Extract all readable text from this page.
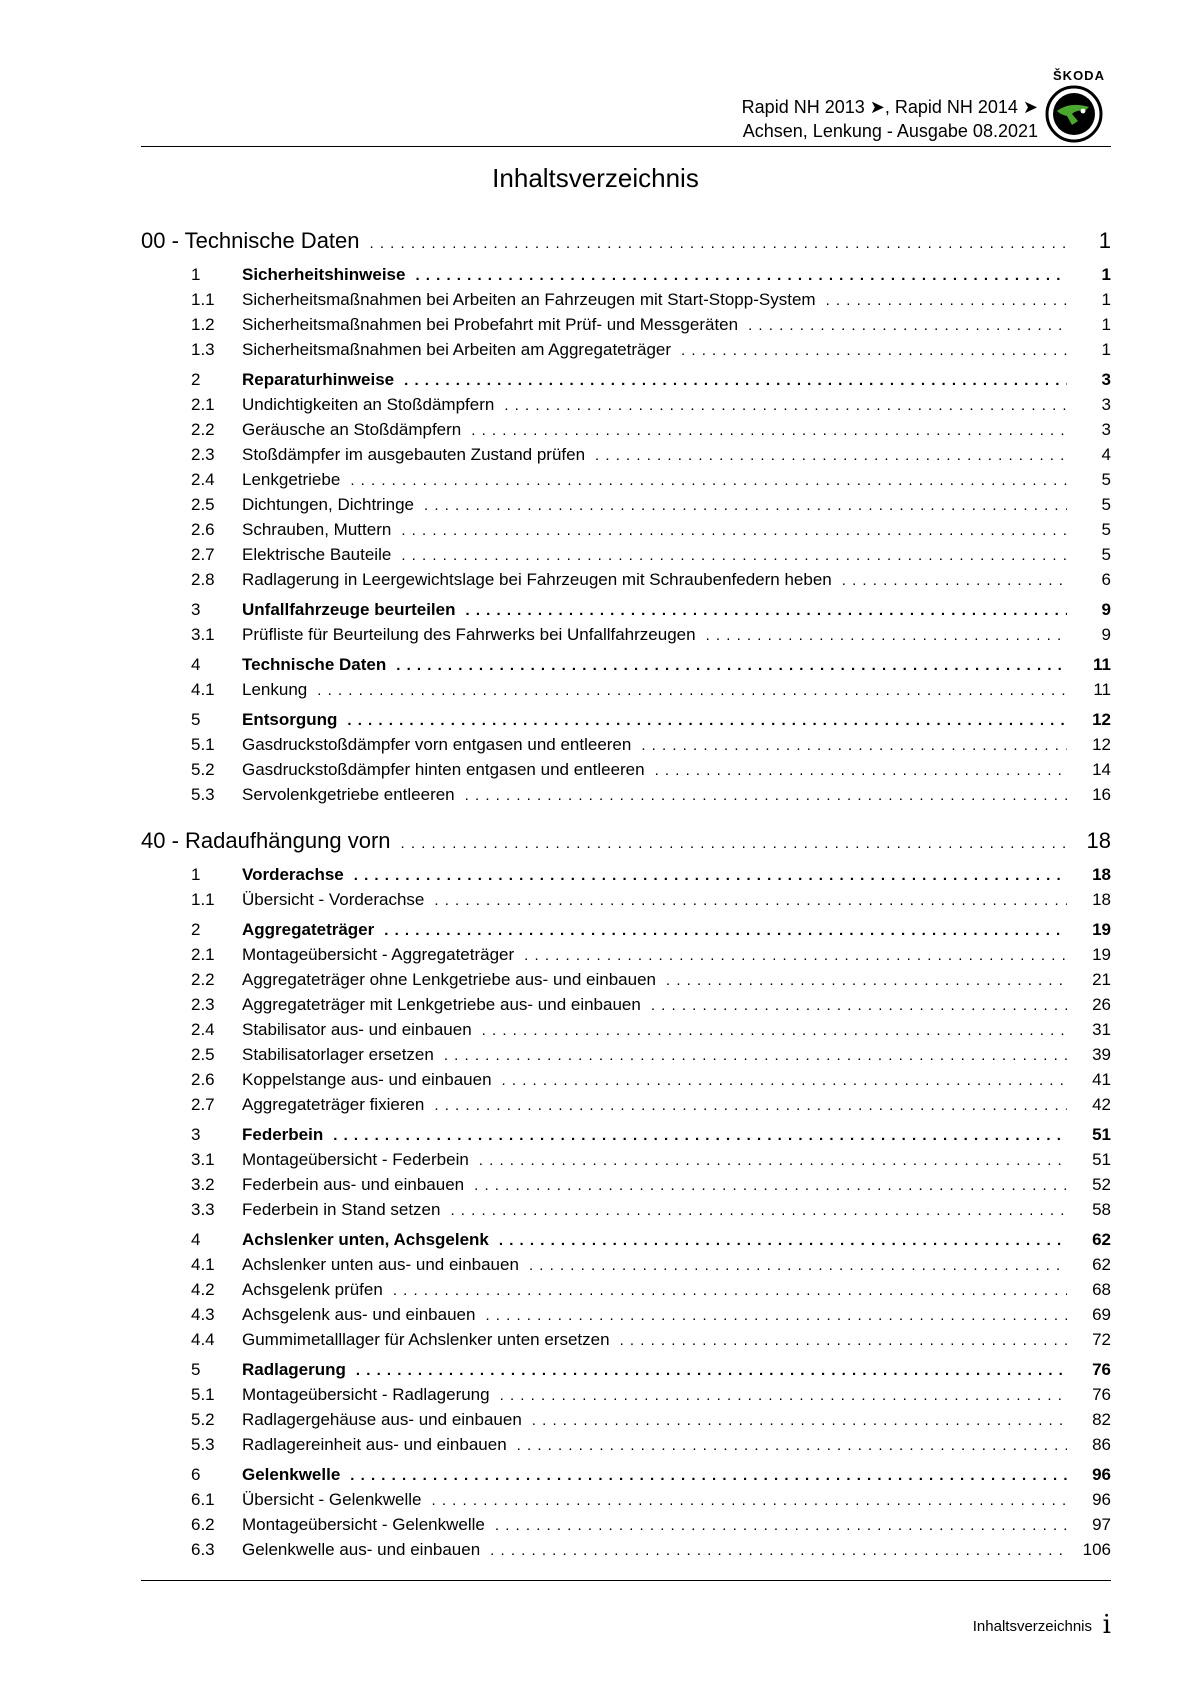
ŠKODA
Rapid NH 2013 ➤, Rapid NH 2014 ➤
Achsen, Lenkung - Ausgabe 08.2021
Inhaltsverzeichnis
00 - Technische Daten . . .	1
1	Sicherheitshinweise . . .	1
1.1	Sicherheitsmaßnahmen bei Arbeiten an Fahrzeugen mit Start-Stopp-System . . .	1
1.2	Sicherheitsmaßnahmen bei Probefahrt mit Prüf- und Messgeräten . . .	1
1.3	Sicherheitsmaßnahmen bei Arbeiten am Aggregateträger . . .	1
2	Reparaturhinweise . . .	3
2.1	Undichtigkeiten an Stoßdämpfern . . .	3
2.2	Geräusche an Stoßdämpfern . . .	3
2.3	Stoßdämpfer im ausgebauten Zustand prüfen . . .	4
2.4	Lenkgetriebe . . .	5
2.5	Dichtungen, Dichtringe . . .	5
2.6	Schrauben, Muttern . . .	5
2.7	Elektrische Bauteile . . .	5
2.8	Radlagerung in Leergewichtslage bei Fahrzeugen mit Schraubenfedern heben . . .	6
3	Unfallfahrzeuge beurteilen . . .	9
3.1	Prüfliste für Beurteilung des Fahrwerks bei Unfallfahrzeugen . . .	9
4	Technische Daten . . .	11
4.1	Lenkung . . .	11
5	Entsorgung . . .	12
5.1	Gasdruckstoßdämpfer vorn entgasen und entleeren . . .	12
5.2	Gasdruckstoßdämpfer hinten entgasen und entleeren . . .	14
5.3	Servolenkgetriebe entleeren . . .	16
40 - Radaufhängung vorn . . .	18
1	Vorderachse . . .	18
1.1	Übersicht - Vorderachse . . .	18
2	Aggregateträger . . .	19
2.1	Montageübersicht - Aggregateträger . . .	19
2.2	Aggregateträger ohne Lenkgetriebe aus- und einbauen . . .	21
2.3	Aggregateträger mit Lenkgetriebe aus- und einbauen . . .	26
2.4	Stabilisator aus- und einbauen . . .	31
2.5	Stabilisatorlager ersetzen . . .	39
2.6	Koppelstange aus- und einbauen . . .	41
2.7	Aggregateträger fixieren . . .	42
3	Federbein . . .	51
3.1	Montageübersicht - Federbein . . .	51
3.2	Federbein aus- und einbauen . . .	52
3.3	Federbein in Stand setzen . . .	58
4	Achslenker unten, Achsgelenk . . .	62
4.1	Achslenker unten aus- und einbauen . . .	62
4.2	Achsgelenk prüfen . . .	68
4.3	Achsgelenk aus- und einbauen . . .	69
4.4	Gummimetalllager für Achslenker unten ersetzen . . .	72
5	Radlagerung . . .	76
5.1	Montageübersicht - Radlagerung . . .	76
5.2	Radlagergehäuse aus- und einbauen . . .	82
5.3	Radlagereinheit aus- und einbauen . . .	86
6	Gelenkwelle . . .	96
6.1	Übersicht - Gelenkwelle . . .	96
6.2	Montageübersicht - Gelenkwelle . . .	97
6.3	Gelenkwelle aus- und einbauen . . .	106
Inhaltsverzeichnis i
